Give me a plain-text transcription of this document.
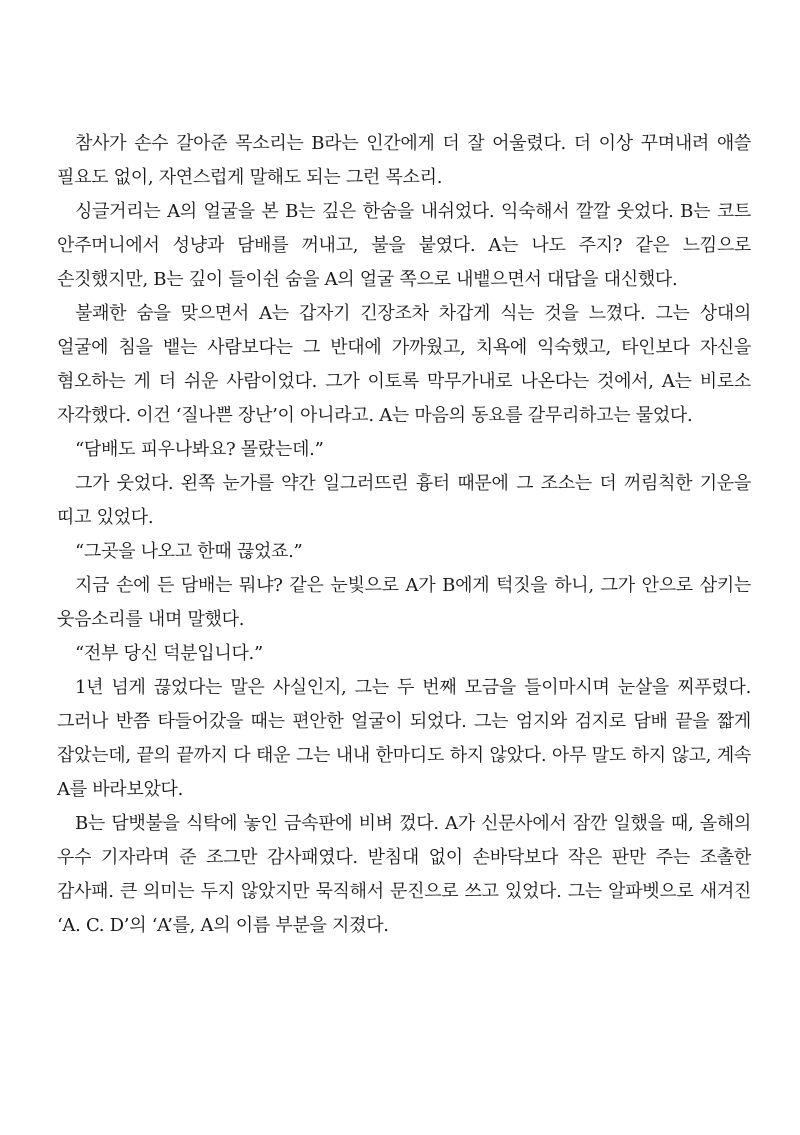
참사가 손수 갈아준 목소리는 B라는 인간에게 더 잘 어울렸다. 더 이상 꾸며내려 애쓸 필요도 없이, 자연스럽게 말해도 되는 그런 목소리.

싱글거리는 A의 얼굴을 본 B는 깊은 한숨을 내쉬었다. 익숙해서 깔깔 웃었다. B는 코트 안주머니에서 성냥과 담배를 꺼내고, 불을 붙였다. A는 나도 주지? 같은 느낌으로 손짓했지만, B는 깊이 들이쉰 숨을 A의 얼굴 쪽으로 내뱉으면서 대답을 대신했다.

불쾌한 숨을 맞으면서 A는 갑자기 긴장조차 차갑게 식는 것을 느꼈다. 그는 상대의 얼굴에 침을 뱉는 사람보다는 그 반대에 가까웠고, 치욕에 익숙했고, 타인보다 자신을 혐오하는 게 더 쉬운 사람이었다. 그가 이토록 막무가내로 나온다는 것에서, A는 비로소 자각했다. 이건 ‘질나쁜 장난’이 아니라고. A는 마음의 동요를 갈무리하고는 물었다.

“담배도 피우나봐요? 몰랐는데.”

그가 웃었다. 왼쪽 눈가를 약간 일그러뜨린 흉터 때문에 그 조소는 더 꺼림칙한 기운을 띠고 있었다.

“그곳을 나오고 한때 끊었죠.”

지금 손에 든 담배는 뭐냐? 같은 눈빛으로 A가 B에게 턱짓을 하니, 그가 안으로 삼키는 웃음소리를 내며 말했다.

“전부 당신 덕분입니다.”

1년 넘게 끊었다는 말은 사실인지, 그는 두 번째 모금을 들이마시며 눈살을 찌푸렸다. 그러나 반쯤 타들어갔을 때는 편안한 얼굴이 되었다. 그는 엄지와 검지로 담배 끝을 짧게 잡았는데, 끝의 끝까지 다 태운 그는 내내 한마디도 하지 않았다. 아무 말도 하지 않고, 계속 A를 바라보았다.

B는 담뱃불을 식탁에 놓인 금속판에 비벼 껐다. A가 신문사에서 잠깐 일했을 때, 올해의 우수 기자라며 준 조그만 감사패였다. 받침대 없이 손바닥보다 작은 판만 주는 조촐한 감사패. 큰 의미는 두지 않았지만 묵직해서 문진으로 쓰고 있었다. 그는 알파벳으로 새겨진 ‘A. C. D’의 ‘A’를, A의 이름 부분을 지졌다.
